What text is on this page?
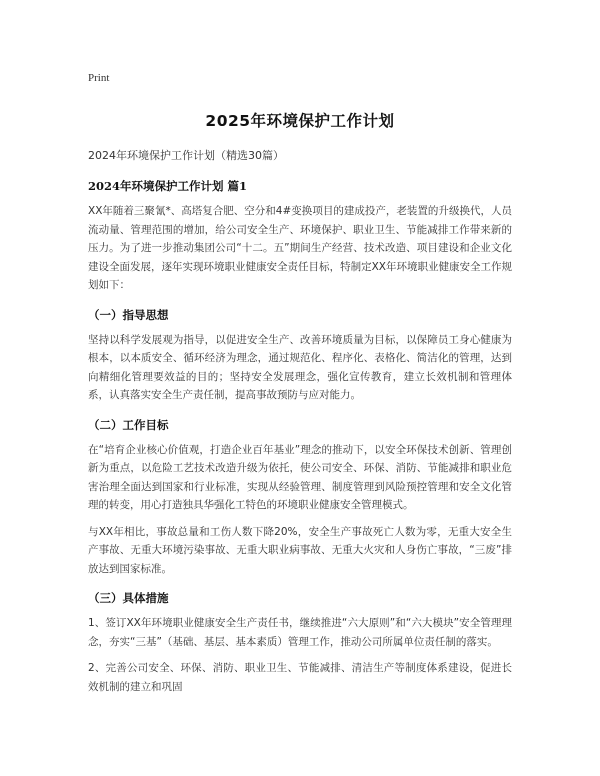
Print
2025年环境保护工作计划
2024年环境保护工作计划（精选30篇）
2024年环境保护工作计划 篇1

XX年随着三聚氰*、高塔复合肥、空分和4#变换项目的建成投产，老装置的升级换代，人员流动量、管理范围的增加，给公司安全生产、环境保护、职业卫生、节能减排工作带来新的压力。为了进一步推动集团公司“十二。五”期间生产经营、技术改造、项目建设和企业文化建设全面发展，逐年实现环境职业健康安全责任目标，特制定XX年环境职业健康安全工作规划如下：

（一）指导思想

坚持以科学发展观为指导，以促进安全生产、改善环境质量为目标，以保障员工身心健康为根本，以本质安全、循环经济为理念，通过规范化、程序化、表格化、简洁化的管理，达到向精细化管理要效益的目的；坚持安全发展理念，强化宣传教育，建立长效机制和管理体系，认真落实安全生产责任制，提高事故预防与应对能力。

（二）工作目标

在“培育企业核心价值观，打造企业百年基业”理念的推动下，以安全环保技术创新、管理创新为重点，以危险工艺技术改造升级为依托，使公司安全、环保、消防、节能减排和职业危害治理全面达到国家和行业标准，实现从经验管理、制度管理到风险预控管理和安全文化管理的转变，用心打造独具华强化工特色的环境职业健康安全管理模式。

与XX年相比，事故总量和工伤人数下降20%，安全生产事故死亡人数为零，无重大安全生产事故、无重大环境污染事故、无重大职业病事故、无重大火灾和人身伤亡事故，“三废”排放达到国家标准。

（三）具体措施

1、签订XX年环境职业健康安全生产责任书，继续推进“六大原则”和“六大模块”安全管理理念，夯实“三基”（基础、基层、基本素质）管理工作，推动公司所属单位责任制的落实。

2、完善公司安全、环保、消防、职业卫生、节能减排、清洁生产等制度体系建设，促进长效机制的建立和巩固
